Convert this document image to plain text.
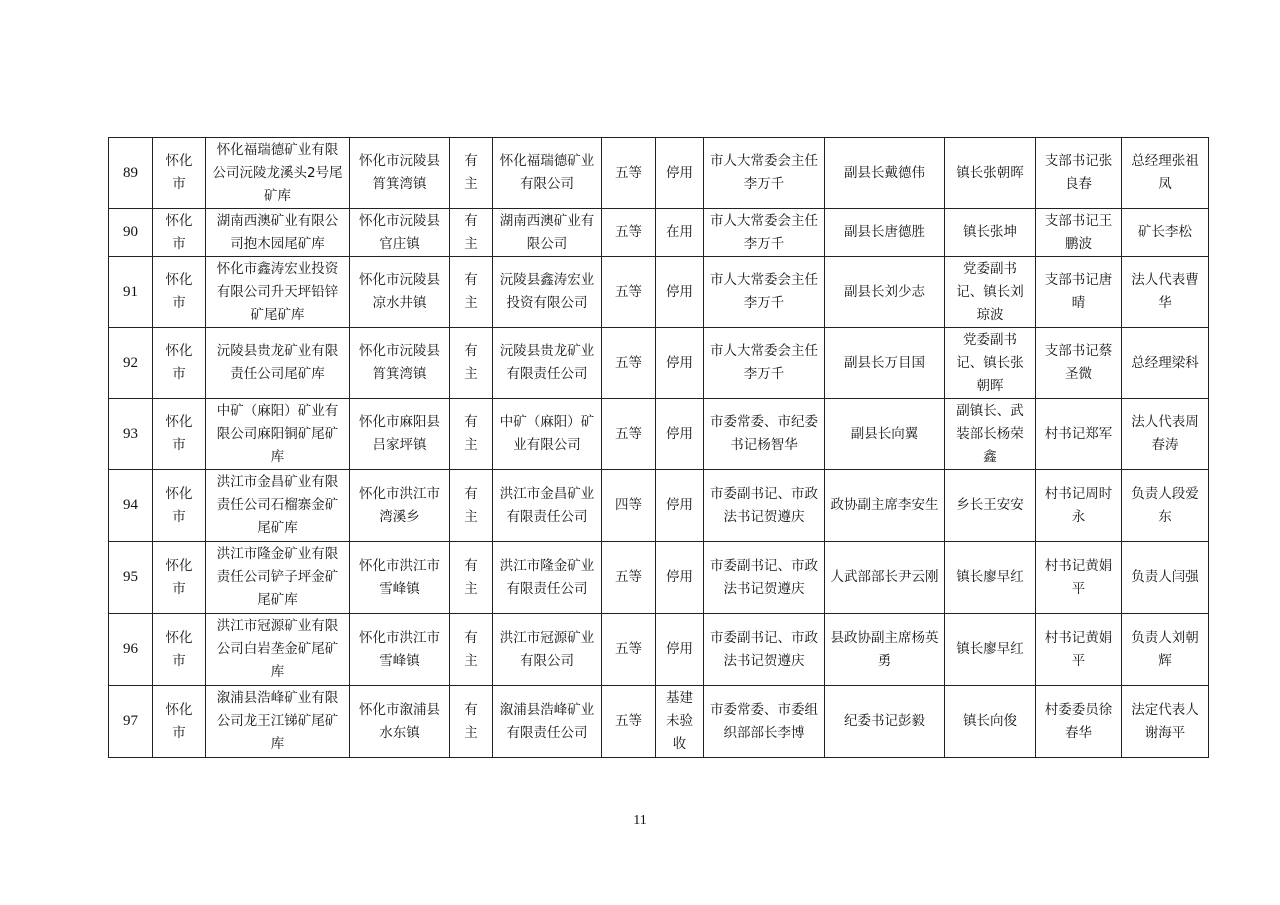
89	怀化市	怀化福瑞德矿业有限公司沅陵龙溪头2号尾矿库	怀化市沅陵县筲箕湾镇	有主	怀化福瑞德矿业有限公司	五等	停用	市人大常委会主任 李万千	副县长戴德伟	镇长张朝晖	支部书记张良春	总经理张祖凤
90	怀化市	湖南西澳矿业有限公司抱木园尾矿库	怀化市沅陵县官庄镇	有主	湖南西澳矿业有限公司	五等	在用	市人大常委会主任 李万千	副县长唐德胜	镇长张坤	支部书记王鹏波	矿长李松
91	怀化市	怀化市鑫涛宏业投资有限公司升天坪铅锌矿尾矿库	怀化市沅陵县凉水井镇	有主	沅陵县鑫涛宏业投资有限公司	五等	停用	市人大常委会主任 李万千	副县长刘少志	党委副书记、镇长刘琼波	支部书记唐晴	法人代表曹华
92	怀化市	沅陵县贵龙矿业有限责任公司尾矿库	怀化市沅陵县筲箕湾镇	有主	沅陵县贵龙矿业有限责任公司	五等	停用	市人大常委会主任 李万千	副县长万目国	党委副书记、镇长张朝晖	支部书记蔡圣微	总经理梁科
93	怀化市	中矿（麻阳）矿业有限公司麻阳铜矿尾矿库	怀化市麻阳县吕家坪镇	有主	中矿（麻阳）矿业有限公司	五等	停用	市委常委、市纪委书记杨智华	副县长向翼	副镇长、武装部长杨荣鑫	村书记郑军	法人代表周春涛
94	怀化市	洪江市金昌矿业有限责任公司石榴寨金矿尾矿库	怀化市洪江市湾溪乡	有主	洪江市金昌矿业有限责任公司	四等	停用	市委副书记、市政法书记贺遵庆	政协副主席李安生	乡长王安安	村书记周时永	负责人段爱东
95	怀化市	洪江市隆金矿业有限责任公司铲子坪金矿尾矿库	怀化市洪江市雪峰镇	有主	洪江市隆金矿业有限责任公司	五等	停用	市委副书记、市政法书记贺遵庆	人武部部长尹云刚	镇长廖早红	村书记黄娟平	负责人闫强
96	怀化市	洪江市冠源矿业有限公司白岩垄金矿尾矿库	怀化市洪江市雪峰镇	有主	洪江市冠源矿业有限公司	五等	停用	市委副书记、市政法书记贺遵庆	县政协副主席杨英勇	镇长廖早红	村书记黄娟平	负责人刘朝辉
97	怀化市	溆浦县浩峰矿业有限公司龙王江锑矿尾矿库	怀化市溆浦县水东镇	有主	溆浦县浩峰矿业有限责任公司	五等	基建未验收	市委常委、市委组织部部长李博	纪委书记彭毅	镇长向俊	村委委员徐春华	法定代表人谢海平
11
